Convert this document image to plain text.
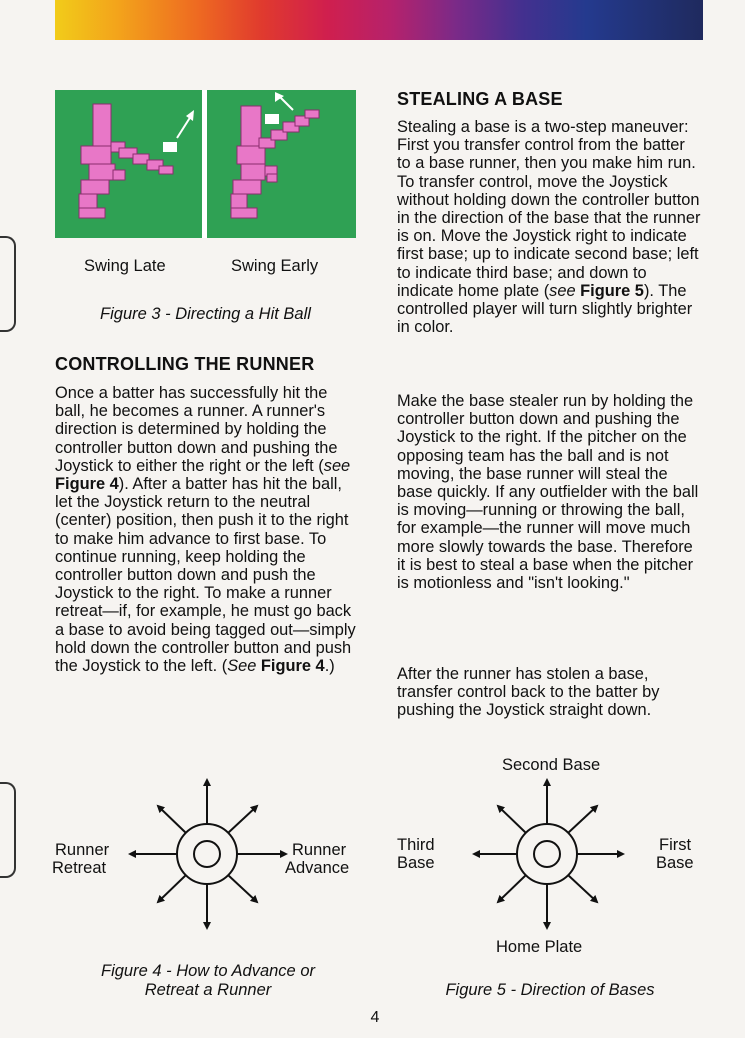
Swing Late	Swing Early
Figure 3 - Directing a Hit Ball
CONTROLLING THE RUNNER

Once a batter has successfully hit the ball, he becomes a runner. A runner's direction is determined by holding the controller button down and pushing the Joystick to either the right or the left (see Figure 4). After a batter has hit the ball, let the Joystick return to the neutral (center) position, then push it to the right to make him advance to first base. To continue running, keep holding the controller button down and push the Joystick to the right. To make a runner retreat—if, for example, he must go back a base to avoid being tagged out—simply hold down the controller button and push the Joystick to the left. (See Figure 4.)

STEALING A BASE

Stealing a base is a two-step maneuver: First you transfer control from the batter to a base runner, then you make him run. To transfer control, move the Joystick without holding down the controller button in the direction of the base that the runner is on. Move the Joystick right to indicate first base; up to indicate second base; left to indicate third base; and down to indicate home plate (see Figure 5). The controlled player will turn slightly brighter in color.

Make the base stealer run by holding the controller button down and pushing the Joystick to the right. If the pitcher on the opposing team has the ball and is not moving, the base runner will steal the base quickly. If any outfielder with the ball is moving—running or throwing the ball, for example—the runner will move much more slowly towards the base. Therefore it is best to steal a base when the pitcher is motionless and "isn't looking."

After the runner has stolen a base, transfer control back to the batter by pushing the Joystick straight down.

Runner
Retreat
Runner
Advance
Figure 4 - How to Advance or
Retreat a Runner
Second Base
Home Plate
Third
Base
First
Base
Figure 5 - Direction of Bases
4
